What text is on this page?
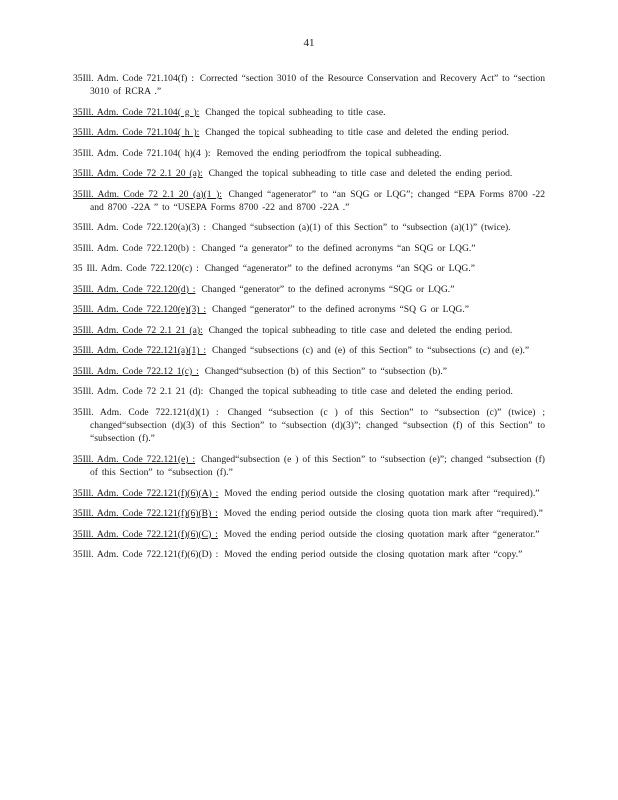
41
35Ill. Adm. Code 721.104(f) : Corrected “section 3010 of the Resource Conservation and Recovery Act” to “section 3010 of RCRA .”
35Ill. Adm. Code 721.104( g ): Changed the topical subheading to title case.
35Ill. Adm. Code 721.104( h ): Changed the topical subheading to title case and deleted the ending period.
35Ill. Adm. Code 721.104( h)(4 ): Removed the ending periodfrom the topical subheading.
35Ill. Adm. Code 72 2.1 20 (a): Changed the topical subheading to title case and deleted the ending period.
35Ill. Adm. Code 72 2.1 20 (a)(1 ): Changed “agenerator” to “an SQG or LQG”; changed “EPA Forms 8700 -22 and 8700 -22A ” to “USEPA Forms 8700 -22 and 8700 -22A .”
35Ill. Adm. Code 722.120(a)(3) : Changed “subsection (a)(1) of this Section” to “subsection (a)(1)” (twice).
35Ill. Adm. Code 722.120(b) : Changed “a generator” to the defined acronyms “an SQG or LQG.”
35 Ill. Adm. Code 722.120(c) : Changed “agenerator” to the defined acronyms “an SQG or LQG.”
35Ill. Adm. Code 722.120(d) : Changed “generator” to the defined acronyms “SQG or LQG.”
35Ill. Adm. Code 722.120(e)(3) : Changed “generator” to the defined acronyms “SQ G or LQG.”
35Ill. Adm. Code 72 2.1 21 (a): Changed the topical subheading to title case and deleted the ending period.
35Ill. Adm. Code 722.121(a)(1) : Changed “subsections (c) and (e) of this Section” to “subsections (c) and (e).”
35Ill. Adm. Code 722.12 1(c) : Changed“subsection (b) of this Section” to “subsection (b).”
35Ill. Adm. Code 72 2.1 21 (d): Changed the topical subheading to title case and deleted the ending period.
35Ill. Adm. Code 722.121(d)(1) : Changed “subsection (c ) of this Section” to “subsection (c)” (twice) ; changed“subsection (d)(3) of this Section” to “subsection (d)(3)”; changed “subsection (f) of this Section” to “subsection (f).”
35Ill. Adm. Code 722.121(e) : Changed“subsection (e ) of this Section” to “subsection (e)”; changed “subsection (f) of this Section” to “subsection (f).”
35Ill. Adm. Code 722.121(f)(6)(A) : Moved the ending period outside the closing quotation mark after “required).”
35Ill. Adm. Code 722.121(f)(6)(B) : Moved the ending period outside the closing quota tion mark after “required).”
35Ill. Adm. Code 722.121(f)(6)(C) : Moved the ending period outside the closing quotation mark after “generator.”
35Ill. Adm. Code 722.121(f)(6)(D) : Moved the ending period outside the closing quotation mark after “copy.”
